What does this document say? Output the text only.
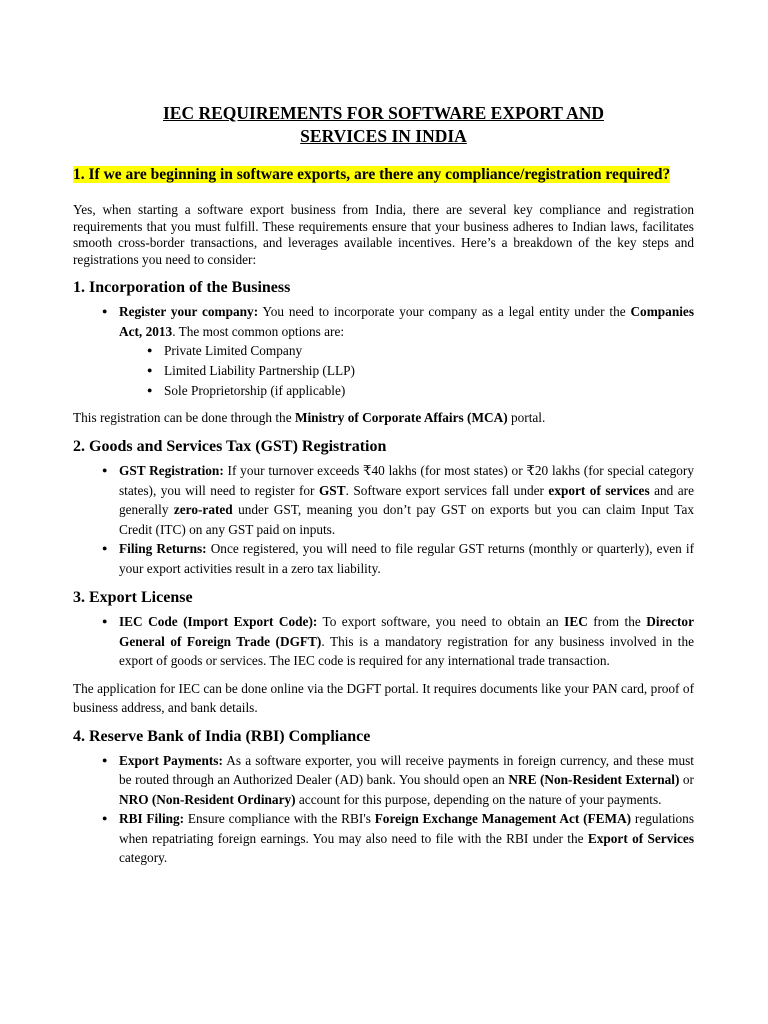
IEC REQUIREMENTS FOR SOFTWARE EXPORT AND
SERVICES IN INDIA
1. If we are beginning in software exports, are there any compliance/registration required?

Yes, when starting a software export business from India, there are several key compliance and registration requirements that you must fulfill. These requirements ensure that your business adheres to Indian laws, facilitates smooth cross-border transactions, and leverages available incentives. Here’s a breakdown of the key steps and registrations you need to consider:

1. Incorporation of the Business
● Register your company: You need to incorporate your company as a legal entity under the Companies Act, 2013. The most common options are:
● Private Limited Company
● Limited Liability Partnership (LLP)
● Sole Proprietorship (if applicable)

This registration can be done through the Ministry of Corporate Affairs (MCA) portal.

2. Goods and Services Tax (GST) Registration
● GST Registration: If your turnover exceeds ₹40 lakhs (for most states) or ₹20 lakhs (for special category states), you will need to register for GST. Software export services fall under export of services and are generally zero-rated under GST, meaning you don’t pay GST on exports but you can claim Input Tax Credit (ITC) on any GST paid on inputs.
● Filing Returns: Once registered, you will need to file regular GST returns (monthly or quarterly), even if your export activities result in a zero tax liability.
3. Export License
● IEC Code (Import Export Code): To export software, you need to obtain an IEC from the Director General of Foreign Trade (DGFT). This is a mandatory registration for any business involved in the export of goods or services. The IEC code is required for any international trade transaction.

The application for IEC can be done online via the DGFT portal. It requires documents like your PAN card, proof of business address, and bank details.

4. Reserve Bank of India (RBI) Compliance
● Export Payments: As a software exporter, you will receive payments in foreign currency, and these must be routed through an Authorized Dealer (AD) bank. You should open an NRE (Non-Resident External) or NRO (Non-Resident Ordinary) account for this purpose, depending on the nature of your payments.
● RBI Filing: Ensure compliance with the RBI's Foreign Exchange Management Act (FEMA) regulations when repatriating foreign earnings. You may also need to file with the RBI under the Export of Services category.
